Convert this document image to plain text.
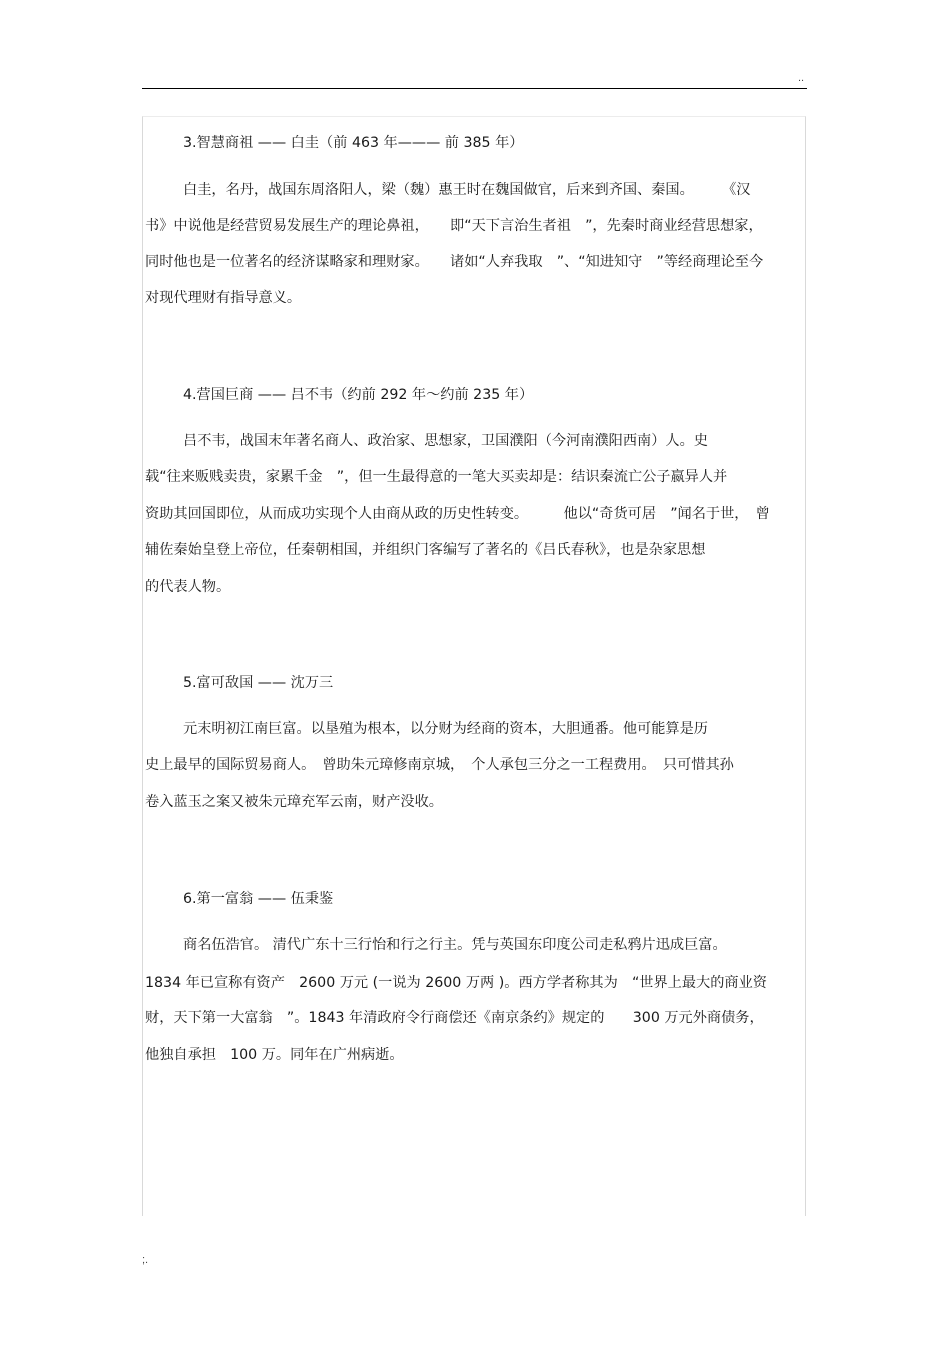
..
3.智慧商祖 —— 白圭（前 463 年——— 前 385 年）
白圭，名丹，战国东周洛阳人，梁（魏）惠王时在魏国做官，后来到齐国、秦国。　　　《汉
书》中说他是经营贸易发展生产的理论鼻祖，　　即“天下言治生者祖　”，先秦时商业经营思想家，
同时他也是一位著名的经济谋略家和理财家。　　诸如“人弃我取　”、“知进知守　”等经商理论至今
对现代理财有指导意义。
4.营国巨商 —— 吕不韦（约前 292 年～约前 235 年）
吕不韦，战国末年著名商人、政治家、思想家，卫国濮阳（今河南濮阳西南）人。史
载“往来贩贱卖贵，家累千金　”，但一生最得意的一笔大买卖却是：结识秦流亡公子嬴异人并
资助其回国即位，从而成功实现个人由商从政的历史性转变。　　　他以“奇货可居　”闻名于世，　曾
辅佐秦始皇登上帝位，任秦朝相国，并组织门客编写了著名的《吕氏春秋》，也是杂家思想
的代表人物。
5.富可敌国 —— 沈万三
元末明初江南巨富。以垦殖为根本，以分财为经商的资本，大胆通番。他可能算是历
史上最早的国际贸易商人。　曾助朱元璋修南京城，　个人承包三分之一工程费用。　只可惜其孙
卷入蓝玉之案又被朱元璋充军云南，财产没收。
6.第一富翁 —— 伍秉鉴
商名伍浩官。 清代广东十三行怡和行之行主。凭与英国东印度公司走私鸦片迅成巨富。
1834 年已宣称有资产　2600 万元 (一说为 2600 万两 )。西方学者称其为　“世界上最大的商业资
财，天下第一大富翁　”。1843 年清政府令行商偿还《南京条约》规定的　　300 万元外商债务，
他独自承担　100 万。同年在广州病逝。
;.
